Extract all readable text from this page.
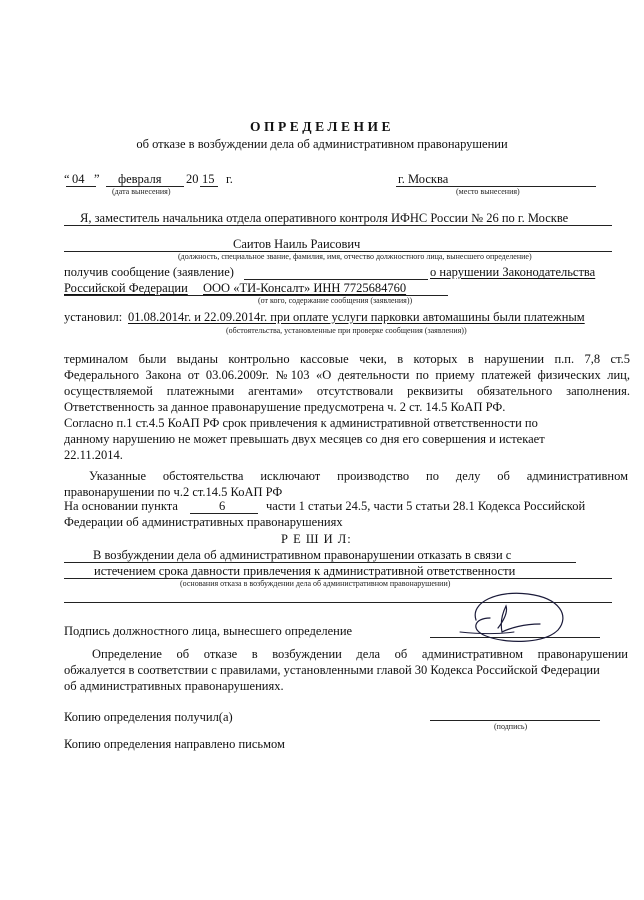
ОПРЕДЕЛЕНИЕ
об отказе в возбуждении дела об административном правонарушении
“ 04 ” февраля 20 15 г.	г. Москва
(дата вынесения)	(место вынесения)
Я, заместитель начальника отдела оперативного контроля ИФНС России № 26 по г. Москве
Саитов Наиль Раисович
(должность, специальное звание, фамилия, имя, отчество должностного лица, вынесшего определение)
получив сообщение (заявление)	о нарушении Законодательства
Российской Федерации ООО «ТИ-Консалт» ИНН 7725684760
(от кого, содержание сообщения (заявления))
установил: 01.08.2014г. и 22.09.2014г. при оплате услуги парковки автомашины были платежным
(обстоятельства, установленные при проверке сообщения (заявления))
терминалом были выданы контрольно кассовые чеки, в которых в нарушении п.п. 7,8 ст.5
Федерального Закона от 03.06.2009г. №103 «О деятельности по приему платежей физических лиц,
осуществляемой платежными агентами» отсутствовали реквизиты обязательного заполнения.
Ответственность за данное правонарушение предусмотрена ч. 2 ст. 14.5 КоАП РФ.
Согласно п.1 ст.4.5 КоАП РФ срок привлечения к административной ответственности по
данному нарушению не может превышать двух месяцев со дня его совершения и истекает
22.11.2014.
Указанные обстоятельства исключают производство по делу об административном
правонарушении по ч.2 ст.14.5 КоАП РФ
На основании пункта	6	части 1 статьи 24.5, части 5 статьи 28.1 Кодекса Российской
Федерации об административных правонарушениях
Р Е Ш И Л:
В возбуждении дела об административном правонарушении отказать в связи с
истечением срока давности привлечения к административной ответственности
(основания отказа в возбуждении дела об административном правонарушении)
Подпись должностного лица, вынесшего определение
Определение об отказе в возбуждении дела об административном правонарушении
обжалуется в соответствии с правилами, установленными главой 30 Кодекса Российской Федерации
об административных правонарушениях.
Копию определения получил(а)
(подпись)
Копию определения направлено письмом
